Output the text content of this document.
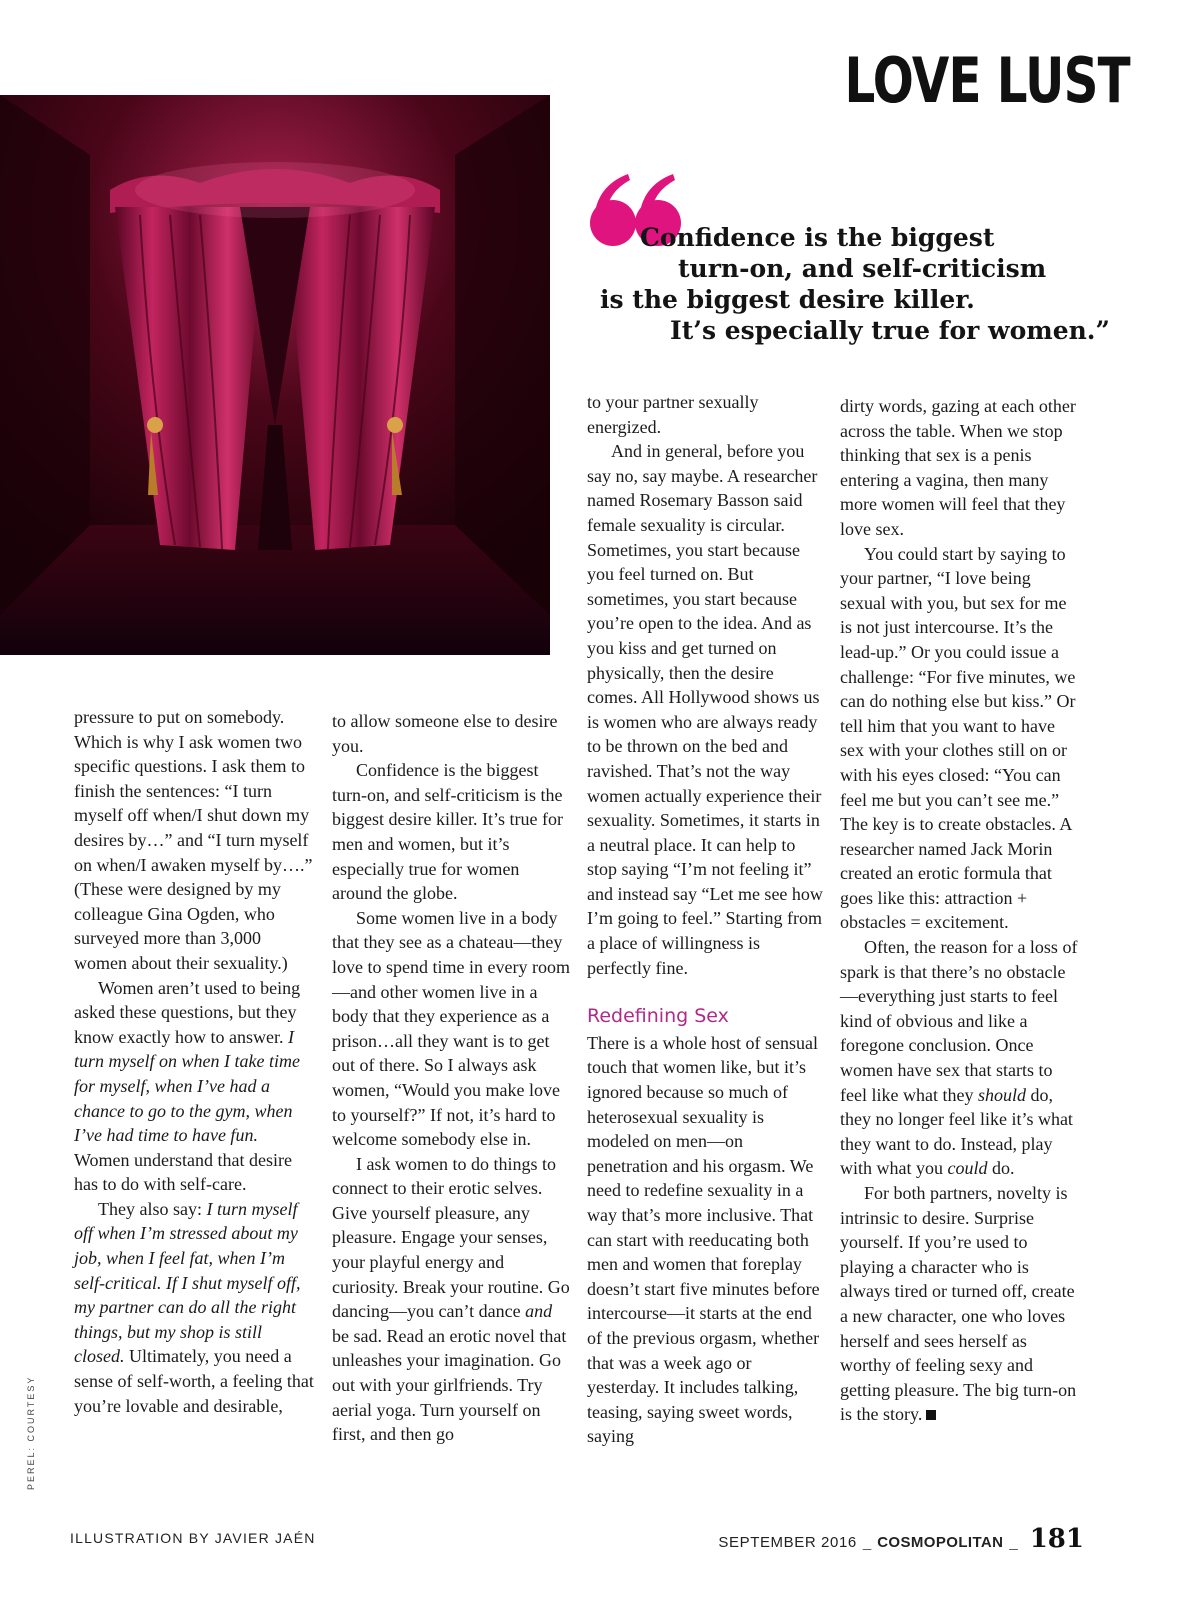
LOVE LUST
Confidence is the biggest
turn-on, and self-criticism
is the biggest desire killer.
It’s especially true for women.”

pressure to put on somebody. Which is why I ask women two specific questions. I ask them to finish the sentences: “I turn myself off when/I shut down my desires by…” and “I turn myself on when/I awaken myself by….” (These were designed by my colleague Gina Ogden, who surveyed more than 3,000 women about their sexuality.)

Women aren’t used to being asked these questions, but they know exactly how to answer. I turn myself on when I take time for myself, when I’ve had a chance to go to the gym, when I’ve had time to have fun. Women understand that desire has to do with self-care.

They also say: I turn myself off when I’m stressed about my job, when I feel fat, when I’m self-critical. If I shut myself off, my partner can do all the right things, but my shop is still closed. Ultimately, you need a sense of self-worth, a feeling that you’re lovable and desirable,

to allow someone else to desire you.

Confidence is the biggest turn-on, and self-criticism is the biggest desire killer. It’s true for men and women, but it’s especially true for women around the globe.

Some women live in a body that they see as a chateau—they love to spend time in every room—and other women live in a body that they experience as a prison…all they want is to get out of there. So I always ask women, “Would you make love to yourself?” If not, it’s hard to welcome somebody else in.

I ask women to do things to connect to their erotic selves. Give yourself pleasure, any pleasure. Engage your senses, your playful energy and curiosity. Break your routine. Go dancing—you can’t dance and be sad. Read an erotic novel that unleashes your imagination. Go out with your girlfriends. Try aerial yoga. Turn yourself on first, and then go

to your partner sexually energized.

And in general, before you say no, say maybe. A researcher named Rosemary Basson said female sexuality is circular. Sometimes, you start because you feel turned on. But sometimes, you start because you’re open to the idea. And as you kiss and get turned on physically, then the desire comes. All Hollywood shows us is women who are always ready to be thrown on the bed and ravished. That’s not the way women actually experience their sexuality. Sometimes, it starts in a neutral place. It can help to stop saying “I’m not feeling it” and instead say “Let me see how I’m going to feel.” Starting from a place of willingness is perfectly fine.

Redefining Sex

There is a whole host of sensual touch that women like, but it’s ignored because so much of heterosexual sexuality is modeled on men—on penetration and his orgasm. We need to redefine sexuality in a way that’s more inclusive. That can start with reeducating both men and women that foreplay doesn’t start five minutes before intercourse—it starts at the end of the previous orgasm, whether that was a week ago or yesterday. It includes talking, teasing, saying sweet words, saying

dirty words, gazing at each other across the table. When we stop thinking that sex is a penis entering a vagina, then many more women will feel that they love sex.

You could start by saying to your partner, “I love being sexual with you, but sex for me is not just intercourse. It’s the lead-up.” Or you could issue a challenge: “For five minutes, we can do nothing else but kiss.” Or tell him that you want to have sex with your clothes still on or with his eyes closed: “You can feel me but you can’t see me.” The key is to create obstacles. A researcher named Jack Morin created an erotic formula that goes like this: attraction + obstacles = excitement.

Often, the reason for a loss of spark is that there’s no obstacle—everything just starts to feel kind of obvious and like a foregone conclusion. Once women have sex that starts to feel like what they should do, they no longer feel like it’s what they want to do. Instead, play with what you could do.

For both partners, novelty is intrinsic to desire. Surprise yourself. If you’re used to playing a character who is always tired or turned off, create a new character, one who loves herself and sees herself as worthy of feeling sexy and getting pleasure. The big turn-on is the story.

PEREL: COURTESY
ILLUSTRATION BY JAVIER JAÉN	SEPTEMBER 2016 _ COSMOPOLITAN _ 181
